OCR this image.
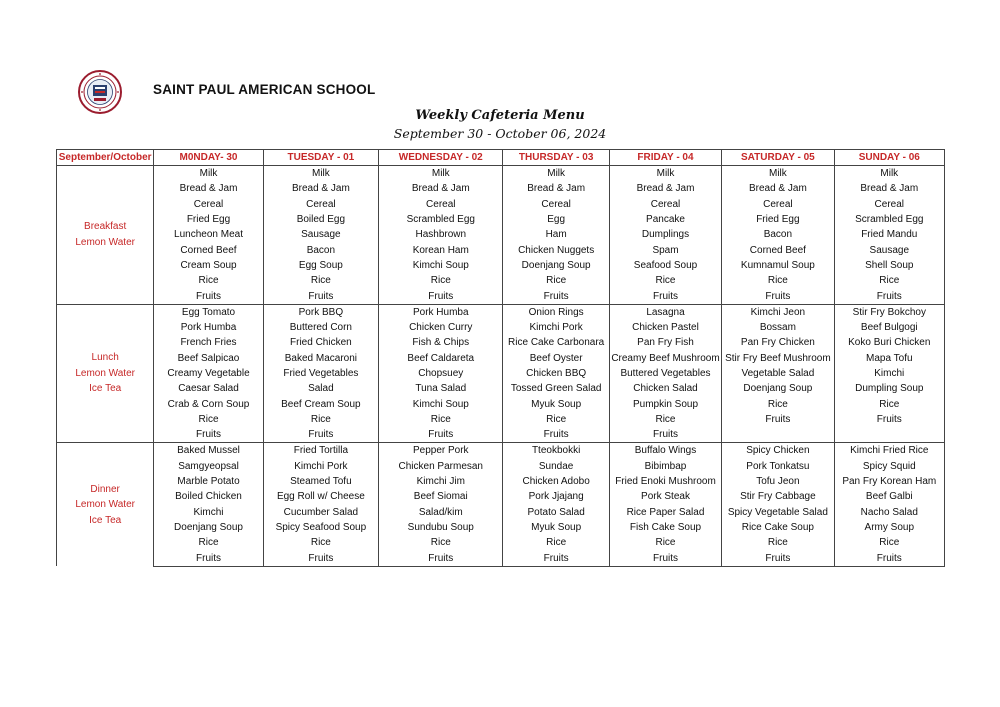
SAINT PAUL AMERICAN SCHOOL
Weekly Cafeteria Menu
September 30 - October 06, 2024
September/October	M0NDAY- 30	TUESDAY - 01	WEDNESDAY - 02	THURSDAY - 03	FRIDAY - 04	SATURDAY - 05	SUNDAY - 06

Breakfast
Lemon Water	Milk	Milk	Milk	Milk	Milk	Milk	Milk
	Bread & Jam	Bread & Jam	Bread & Jam	Bread & Jam	Bread & Jam	Bread & Jam	Bread & Jam
	Cereal	Cereal	Cereal	Cereal	Cereal	Cereal	Cereal
	Fried Egg	Boiled Egg	Scrambled Egg	Egg	Pancake	Fried Egg	Scrambled Egg
	Luncheon Meat	Sausage	Hashbrown	Ham	Dumplings	Bacon	Fried Mandu
	Corned Beef	Bacon	Korean Ham	Chicken Nuggets	Spam	Corned Beef	Sausage
	Cream Soup	Egg Soup	Kimchi Soup	Doenjang Soup	Seafood Soup	Kumnamul Soup	Shell Soup
	Rice	Rice	Rice	Rice	Rice	Rice	Rice
	Fruits	Fruits	Fruits	Fruits	Fruits	Fruits	Fruits

Lunch
Lemon Water
Ice Tea	Egg Tomato	Pork BBQ	Pork Humba	Onion Rings	Lasagna	Kimchi Jeon	Stir Fry Bokchoy
	Pork Humba	Buttered Corn	Chicken Curry	Kimchi Pork	Chicken Pastel	Bossam	Beef Bulgogi
	French Fries	Fried Chicken	Fish & Chips	Rice Cake Carbonara	Pan Fry Fish	Pan Fry Chicken	Koko Buri Chicken
	Beef Salpicao	Baked Macaroni	Beef Caldareta	Beef Oyster	Creamy Beef Mushroom	Stir Fry Beef Mushroom	Mapa Tofu
	Creamy Vegetable	Fried Vegetables	Chopsuey	Chicken BBQ	Buttered Vegetables	Vegetable Salad	Kimchi
	Caesar Salad	Salad	Tuna Salad	Tossed Green Salad	Chicken Salad	Doenjang Soup	Dumpling Soup
	Crab & Corn Soup	Beef Cream Soup	Kimchi Soup	Myuk Soup	Pumpkin Soup	Rice	Rice
	Rice	Rice	Rice	Rice	Rice	Fruits	Fruits
	Fruits	Fruits	Fruits	Fruits	Fruits		

Dinner
Lemon Water
Ice Tea	Baked Mussel	Fried Tortilla	Pepper Pork	Tteokbokki	Buffalo Wings	Spicy Chicken	Kimchi Fried Rice
	Samgyeopsal	Kimchi Pork	Chicken Parmesan	Sundae	Bibimbap	Pork Tonkatsu	Spicy Squid
	Marble Potato	Steamed Tofu	Kimchi Jim	Chicken Adobo	Fried Enoki Mushroom	Tofu Jeon	Pan Fry Korean Ham
	Boiled Chicken	Egg Roll w/ Cheese	Beef Siomai	Pork Jjajang	Pork Steak	Stir Fry Cabbage	Beef Galbi
	Kimchi	Cucumber Salad	Salad/kim	Potato Salad	Rice Paper Salad	Spicy Vegetable Salad	Nacho Salad
	Doenjang Soup	Spicy Seafood Soup	Sundubu Soup	Myuk Soup	Fish Cake Soup	Rice Cake Soup	Army Soup
	Rice	Rice	Rice	Rice	Rice	Rice	Rice
	Fruits	Fruits	Fruits	Fruits	Fruits	Fruits	Fruits
